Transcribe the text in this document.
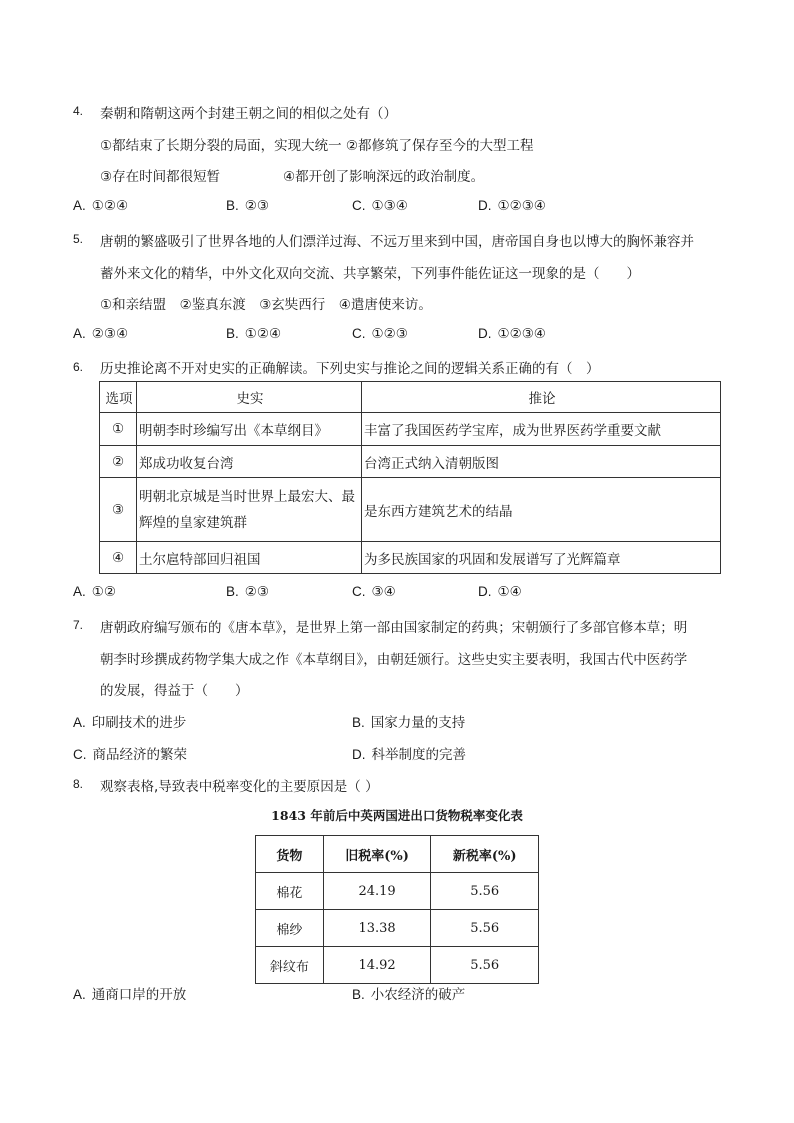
4. 秦朝和隋朝这两个封建王朝之间的相似之处有（）
①都结束了长期分裂的局面，实现大统一 ②都修筑了保存至今的大型工程
③存在时间都很短暂	④都开创了影响深远的政治制度。
A. ①②④	B. ②③	C. ①③④	D. ①②③④
5. 唐朝的繁盛吸引了世界各地的人们漂洋过海、不远万里来到中国，唐帝国自身也以博大的胸怀兼容并
蓄外来文化的精华，中外文化双向交流、共享繁荣，下列事件能佐证这一现象的是（　　）
①和亲结盟　②鉴真东渡　③玄奘西行　④遣唐使来访。
A. ②③④	B. ①②④	C. ①②③	D. ①②③④
6. 历史推论离不开对史实的正确解读。下列史实与推论之间的逻辑关系正确的有（　）
选项	史实	推论
①	明朝李时珍编写出《本草纲目》	丰富了我国医药学宝库，成为世界医药学重要文献
②	郑成功收复台湾	台湾正式纳入清朝版图
③	明朝北京城是当时世界上最宏大、最辉煌的皇家建筑群	是东西方建筑艺术的结晶
④	土尔扈特部回归祖国	为多民族国家的巩固和发展谱写了光辉篇章
A. ①②	B. ②③	C. ③④	D. ①④
7. 唐朝政府编写颁布的《唐本草》，是世界上第一部由国家制定的药典；宋朝颁行了多部官修本草；明
朝李时珍撰成药物学集大成之作《本草纲目》，由朝廷颁行。这些史实主要表明，我国古代中医药学
的发展，得益于（　　）
A. 印刷技术的进步	B. 国家力量的支持
C. 商品经济的繁荣	D. 科举制度的完善
8. 观察表格,导致表中税率变化的主要原因是（ ）
1843 年前后中英两国进出口货物税率变化表
货物	旧税率(%)	新税率(%)
棉花	24.19	5.56
棉纱	13.38	5.56
斜纹布	14.92	5.56
A. 通商口岸的开放	B. 小农经济的破产
